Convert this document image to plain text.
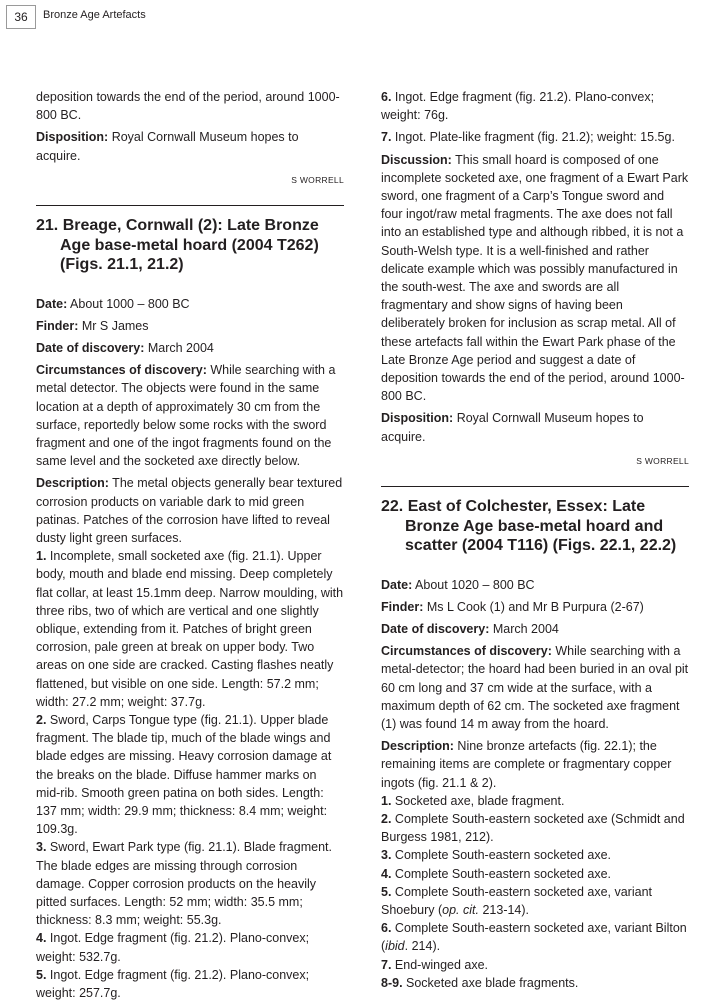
36	Bronze Age Artefacts

deposition towards the end of the period, around 1000-800 BC.

Disposition: Royal Cornwall Museum hopes to acquire.

S WORRELL
21. Breage, Cornwall (2): Late Bronze Age base-metal hoard (2004 T262) (Figs. 21.1, 21.2)

Date: About 1000 – 800 BC

Finder: Mr S James

Date of discovery: March 2004

Circumstances of discovery: While searching with a metal detector. The objects were found in the same location at a depth of approximately 30 cm from the surface, reportedly below some rocks with the sword fragment and one of the ingot fragments found on the same level and the socketed axe directly below.

Description: The metal objects generally bear textured corrosion products on variable dark to mid green patinas. Patches of the corrosion have lifted to reveal dusty light green surfaces.

1. Incomplete, small socketed axe (fig. 21.1). Upper body, mouth and blade end missing. Deep completely flat collar, at least 15.1mm deep. Narrow moulding, with three ribs, two of which are vertical and one slightly oblique, extending from it. Patches of bright green corrosion, pale green at break on upper body. Two areas on one side are cracked. Casting flashes neatly flattened, but visible on one side. Length: 57.2 mm; width: 27.2 mm; weight: 37.7g.

2. Sword, Carps Tongue type (fig. 21.1). Upper blade fragment. The blade tip, much of the blade wings and blade edges are missing. Heavy corrosion damage at the breaks on the blade. Diffuse hammer marks on mid-rib. Smooth green patina on both sides. Length: 137 mm; width: 29.9 mm; thickness: 8.4 mm; weight: 109.3g.

3. Sword, Ewart Park type (fig. 21.1). Blade fragment. The blade edges are missing through corrosion damage. Copper corrosion products on the heavily pitted surfaces. Length: 52 mm; width: 35.5 mm; thickness: 8.3 mm; weight: 55.3g.

4. Ingot. Edge fragment (fig. 21.2). Plano-convex; weight: 532.7g.

5. Ingot. Edge fragment (fig. 21.2). Plano-convex; weight: 257.7g.

6. Ingot. Edge fragment (fig. 21.2). Plano-convex; weight: 76g.

7. Ingot. Plate-like fragment (fig. 21.2); weight: 15.5g.

Discussion: This small hoard is composed of one incomplete socketed axe, one fragment of a Ewart Park sword, one fragment of a Carp’s Tongue sword and four ingot/raw metal fragments. The axe does not fall into an established type and although ribbed, it is not a South-Welsh type. It is a well-finished and rather delicate example which was possibly manufactured in the south-west. The axe and swords are all fragmentary and show signs of having been deliberately broken for inclusion as scrap metal. All of these artefacts fall within the Ewart Park phase of the Late Bronze Age period and suggest a date of deposition towards the end of the period, around 1000-800 BC.

Disposition: Royal Cornwall Museum hopes to acquire.

S WORRELL
22. East of Colchester, Essex: Late Bronze Age base-metal hoard and scatter (2004 T116) (Figs. 22.1, 22.2)

Date: About 1020 – 800 BC

Finder: Ms L Cook (1) and Mr B Purpura (2-67)

Date of discovery: March 2004

Circumstances of discovery: While searching with a metal-detector; the hoard had been buried in an oval pit 60 cm long and 37 cm wide at the surface, with a maximum depth of 62 cm. The socketed axe fragment (1) was found 14 m away from the hoard.

Description: Nine bronze artefacts (fig. 22.1); the remaining items are complete or fragmentary copper ingots (fig. 21.1 & 2).

1. Socketed axe, blade fragment.

2. Complete South-eastern socketed axe (Schmidt and Burgess 1981, 212).

3. Complete South-eastern socketed axe.

4. Complete South-eastern socketed axe.

5. Complete South-eastern socketed axe, variant Shoebury (op. cit. 213-14).

6. Complete South-eastern socketed axe, variant Bilton (ibid. 214).

7. End-winged axe.

8-9. Socketed axe blade fragments.
